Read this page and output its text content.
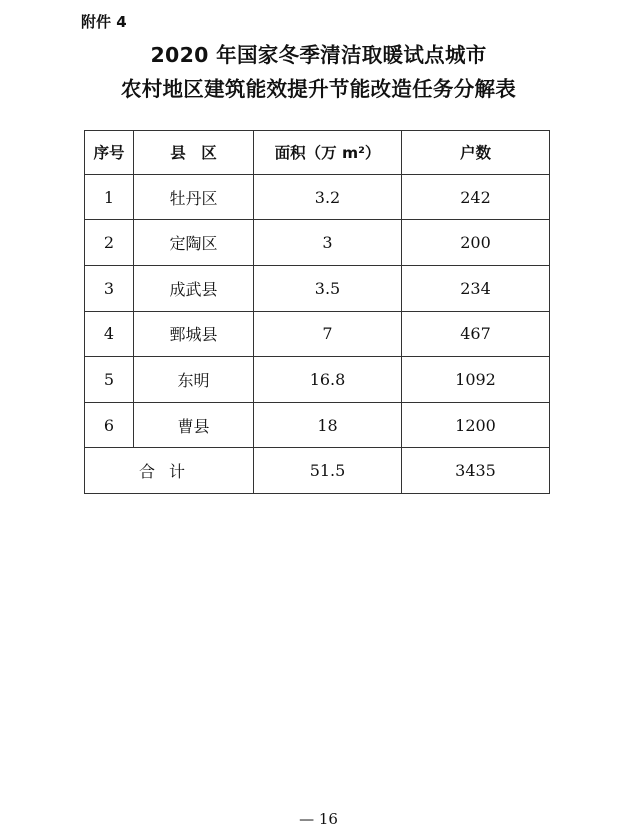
附件 4
2020 年国家冬季清洁取暖试点城市
农村地区建筑能效提升节能改造任务分解表
序号	县　区	面积（万 m²）	户数
1	牡丹区	3.2	242
2	定陶区	3	200
3	成武县	3.5	234
4	鄄城县	7	467
5	东明	16.8	1092
6	曹县	18	1200
合计		51.5	3435
— 16
